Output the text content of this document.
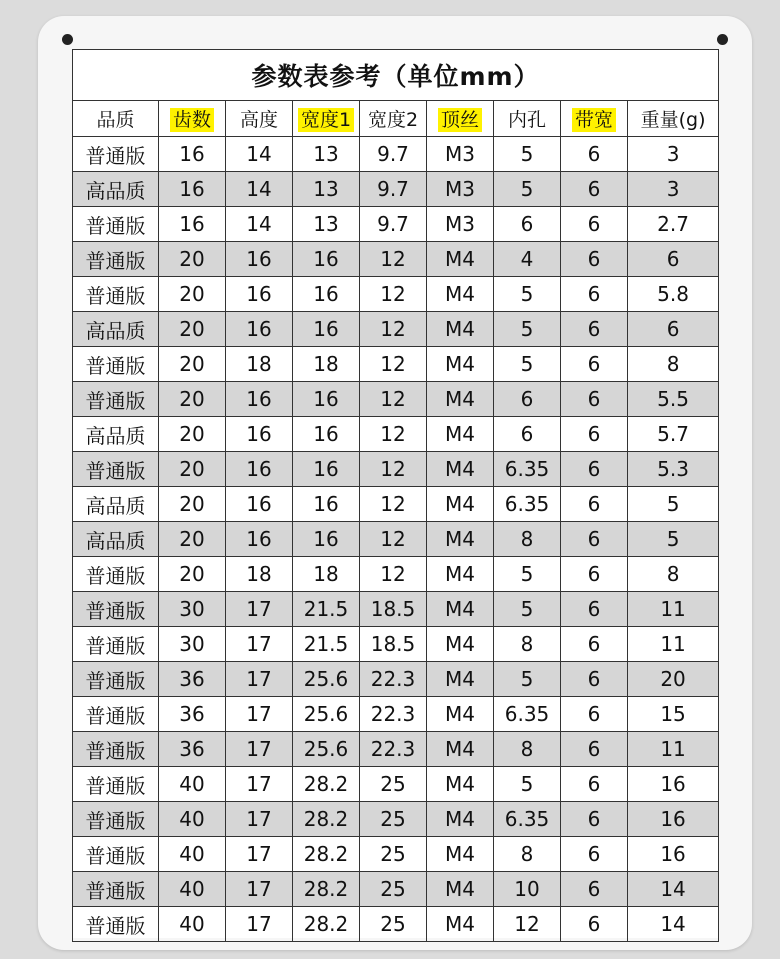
参数表参考（单位mm）								
品质	齿数	高度	宽度1	宽度2	顶丝	内孔	带宽	重量(g)
普通版	16	14	13	9.7	M3	5	6	3
高品质	16	14	13	9.7	M3	5	6	3
普通版	16	14	13	9.7	M3	6	6	2.7
普通版	20	16	16	12	M4	4	6	6
普通版	20	16	16	12	M4	5	6	5.8
高品质	20	16	16	12	M4	5	6	6
普通版	20	18	18	12	M4	5	6	8
普通版	20	16	16	12	M4	6	6	5.5
高品质	20	16	16	12	M4	6	6	5.7
普通版	20	16	16	12	M4	6.35	6	5.3
高品质	20	16	16	12	M4	6.35	6	5
高品质	20	16	16	12	M4	8	6	5
普通版	20	18	18	12	M4	5	6	8
普通版	30	17	21.5	18.5	M4	5	6	11
普通版	30	17	21.5	18.5	M4	8	6	11
普通版	36	17	25.6	22.3	M4	5	6	20
普通版	36	17	25.6	22.3	M4	6.35	6	15
普通版	36	17	25.6	22.3	M4	8	6	11
普通版	40	17	28.2	25	M4	5	6	16
普通版	40	17	28.2	25	M4	6.35	6	16
普通版	40	17	28.2	25	M4	8	6	16
普通版	40	17	28.2	25	M4	10	6	14
普通版	40	17	28.2	25	M4	12	6	14
